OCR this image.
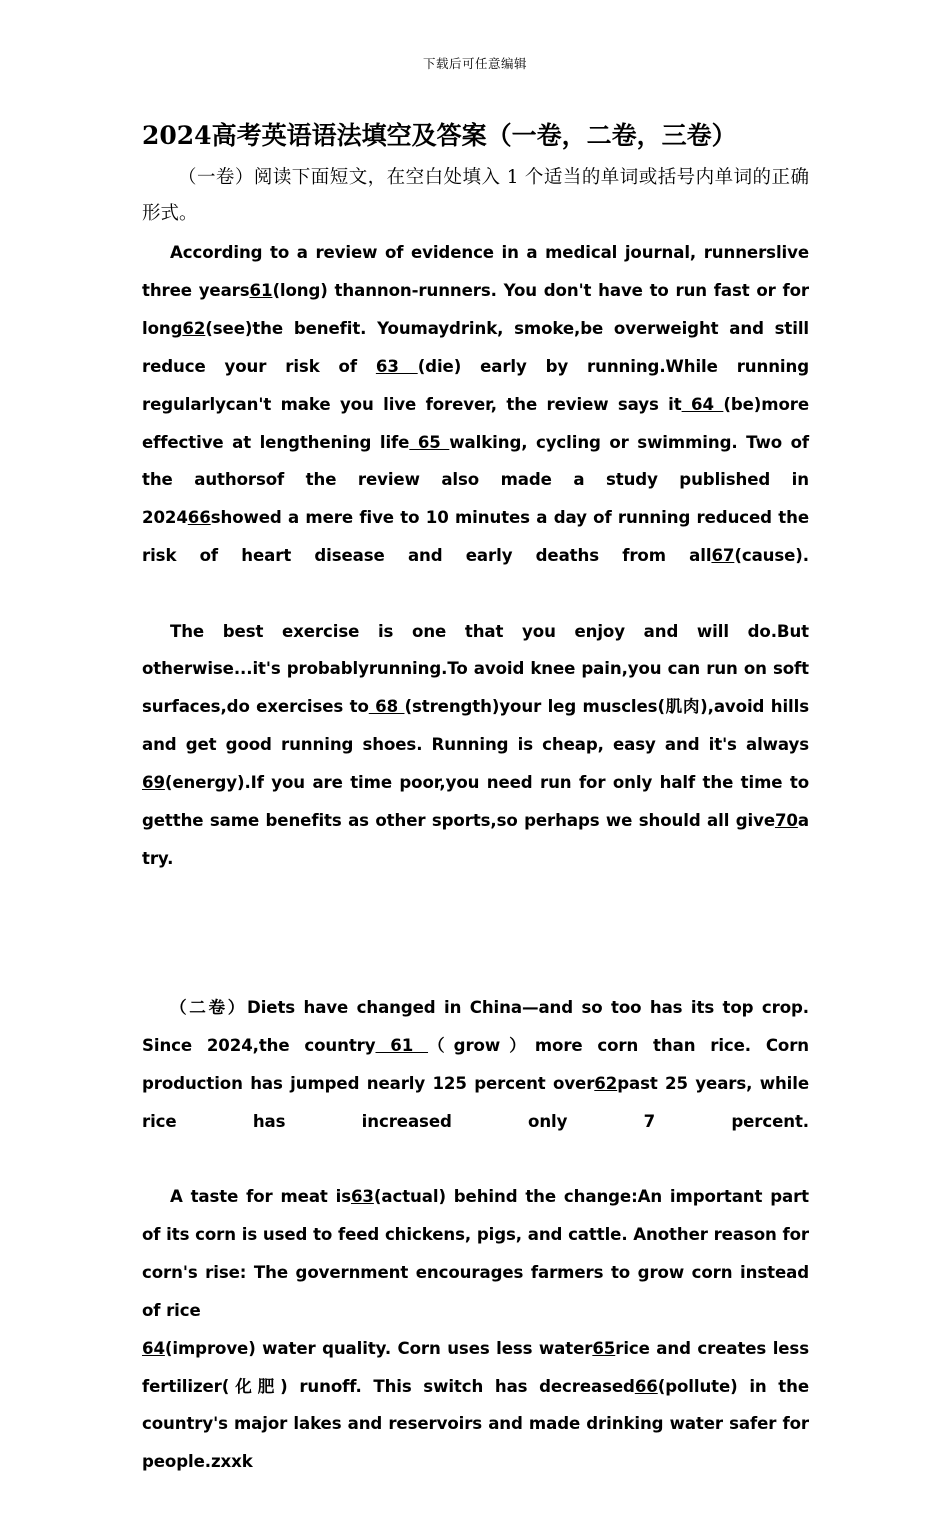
下载后可任意编辑
2024高考英语语法填空及答案（一卷，二卷，三卷）

（一卷）阅读下面短文，在空白处填入 1 个适当的单词或括号内单词的正确形式。

According to a review of evidence in a medical journal, runnerslive three years61(long) thannon-runners. You don't have to run fast or for long62(see)the benefit. Youmaydrink, smoke,be overweight and still reduce your risk of 63 (die) early by running.While running regularlycan't make you live forever, the review says it 64 (be)more effective at lengthening life 65 walking, cycling or swimming. Two of the authorsof the review also made a study published in 202466showed a mere five to 10 minutes a day of running reduced the risk of heart disease and early deaths from all67(cause).

The best exercise is one that you enjoy and will do.But otherwise...it's probablyrunning.To avoid knee pain,you can run on soft surfaces,do exercises to 68 (strength)your leg muscles(肌肉),avoid hills and get good running shoes. Running is cheap, easy and it's always 69(energy).If you are time poor,you need run for only half the time to getthe same benefits as other sports,so perhaps we should all give70a try.

（二卷）Diets have changed in China—and so too has its top crop. Since 2024,the country 61 （grow）more corn than rice. Corn production has jumped nearly 125 percent over62past 25 years, while rice has increased only 7 percent.

A taste for meat is63(actual) behind the change:An important part of its corn is used to feed chickens, pigs, and cattle. Another reason for corn's rise: The government encourages farmers to grow corn instead of rice
64(improve) water quality. Corn uses less water65rice and creates less fertilizer(化肥) runoff. This switch has decreased66(pollute) in the country's major lakes and reservoirs and made drinking water safer for people.zxxk
